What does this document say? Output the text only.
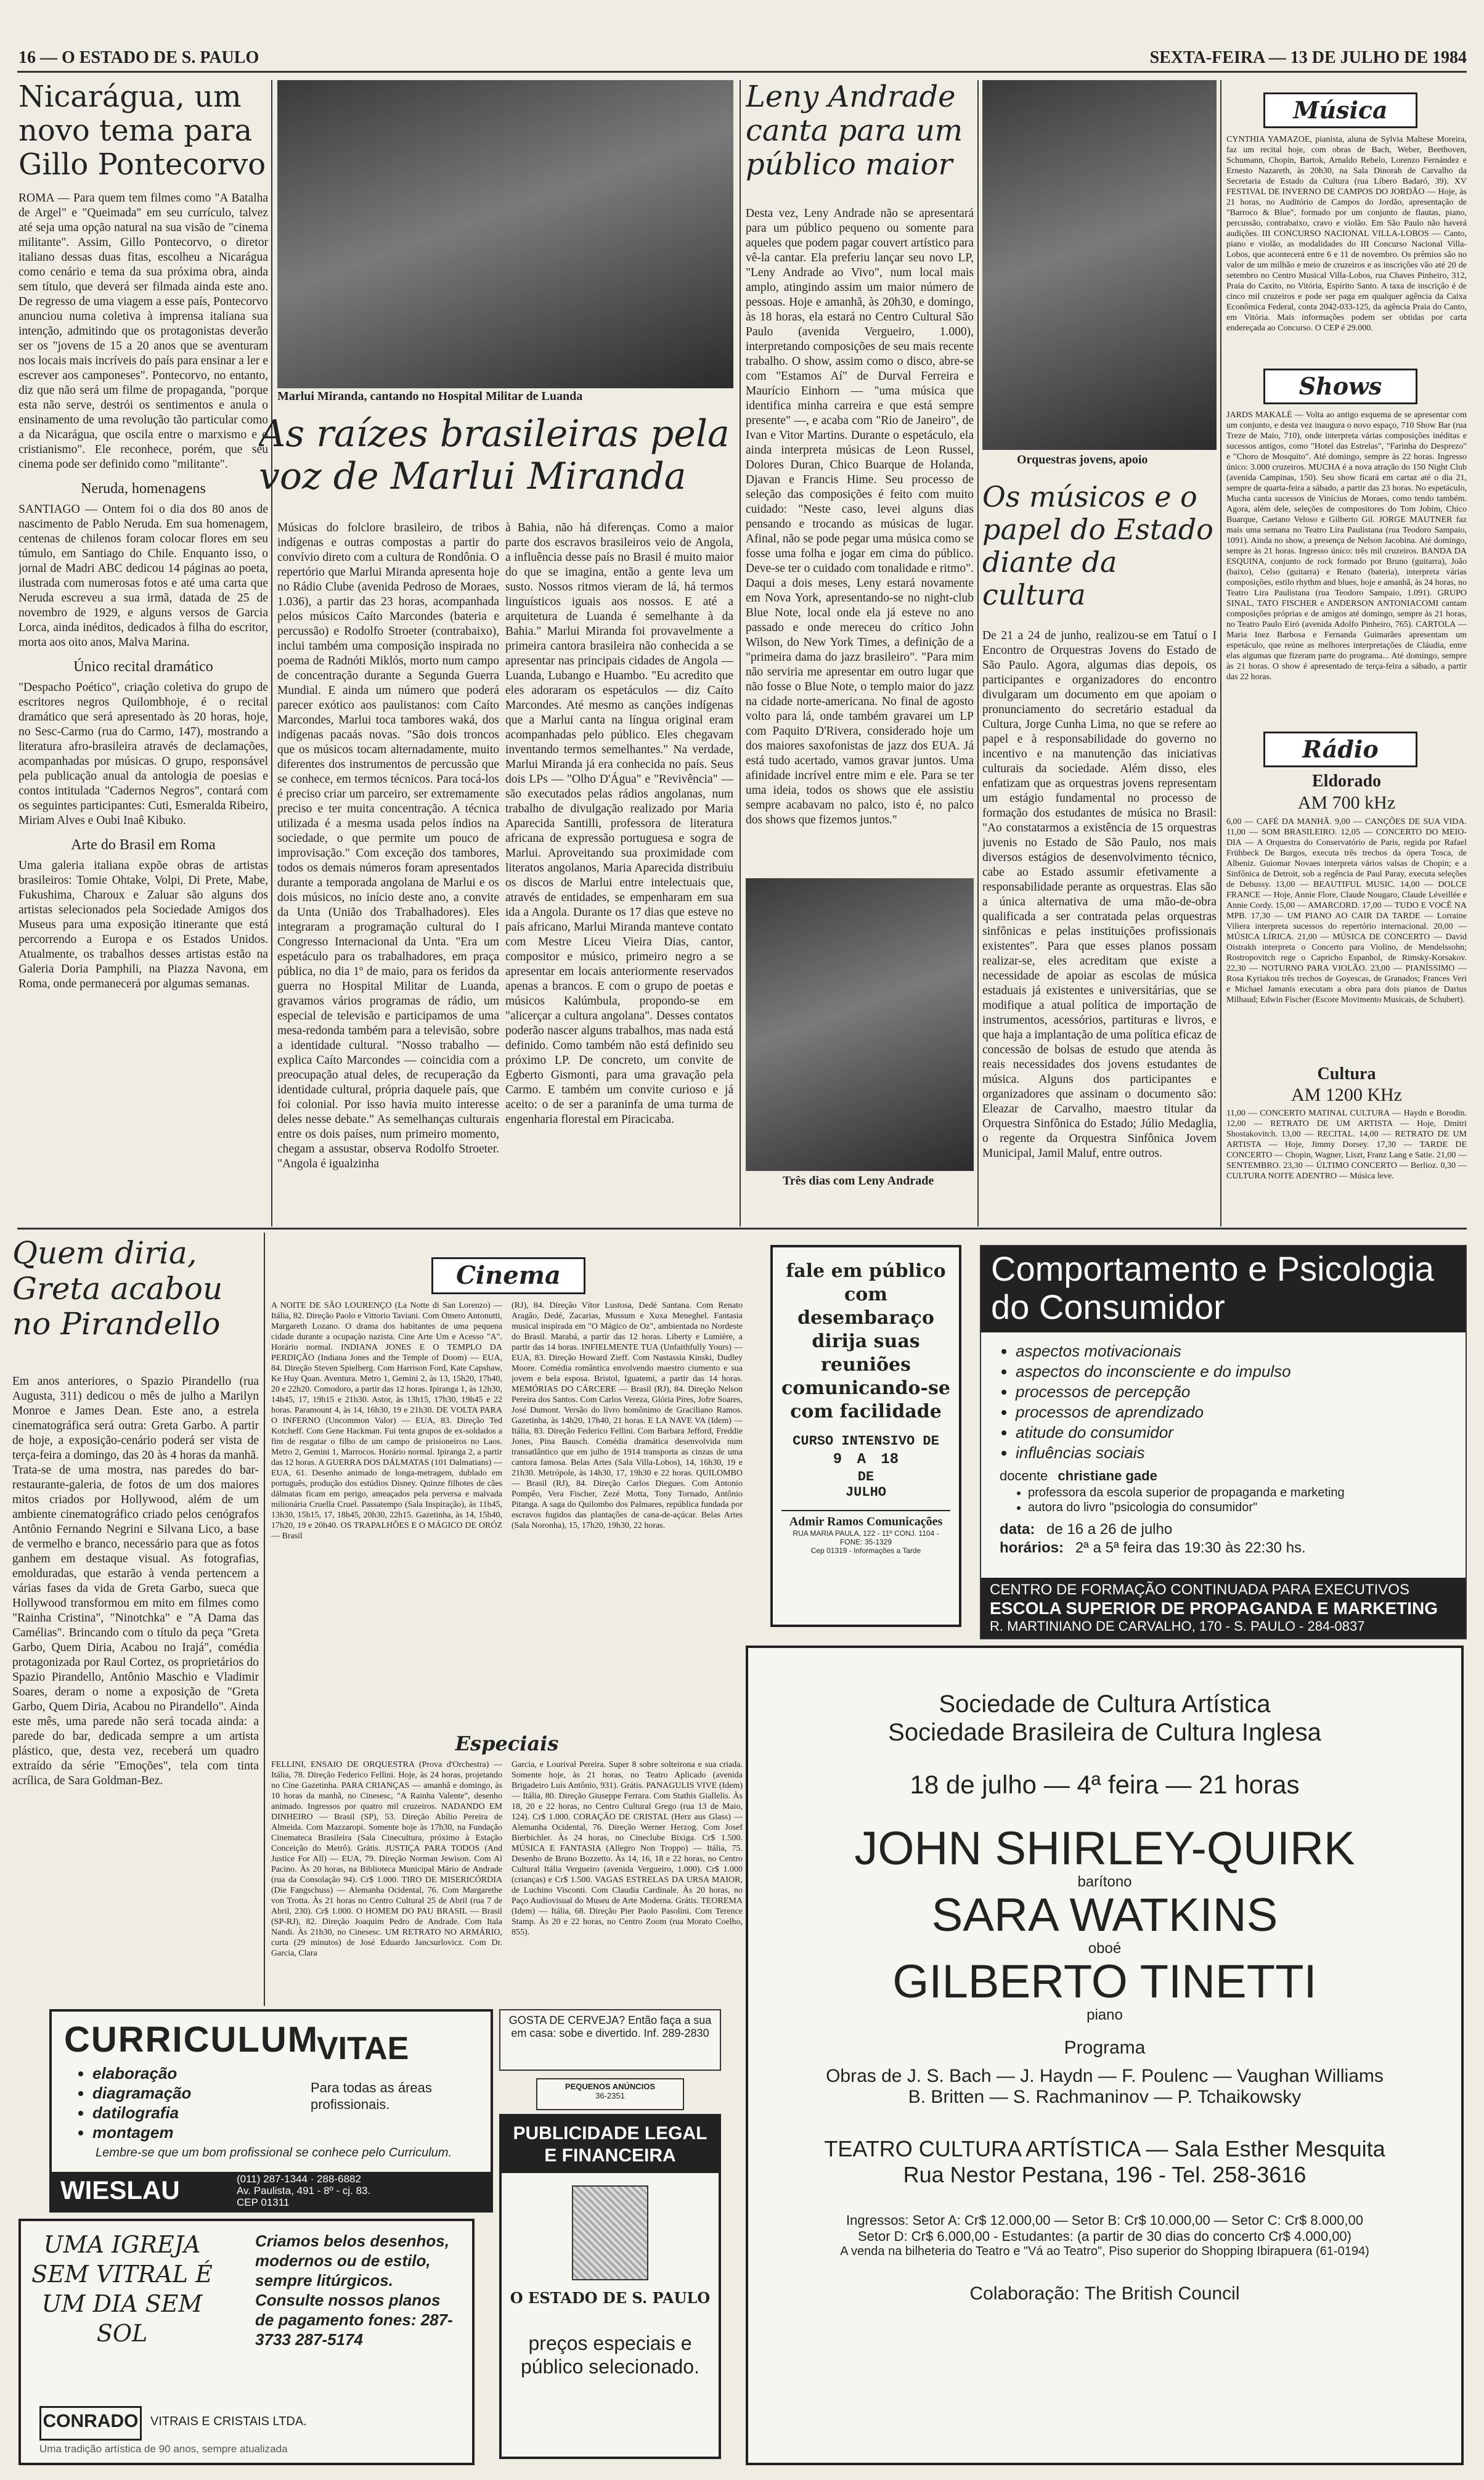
16 — O ESTADO DE S. PAULO	SEXTA-FEIRA — 13 DE JULHO DE 1984
Nicarágua, um novo tema para Gillo Pontecorvo
ROMA — Para quem tem filmes como "A Batalha de Argel" e "Queimada" em seu currículo, talvez até seja uma opção natural na sua visão de "cinema militante". Assim, Gillo Pontecorvo, o diretor italiano dessas duas fitas, escolheu a Nicarágua como cenário e tema da sua próxima obra, ainda sem título, que deverá ser filmada ainda este ano. De regresso de uma viagem a esse país, Pontecorvo anunciou numa coletiva à imprensa italiana sua intenção, admitindo que os protagonistas deverão ser os "jovens de 15 a 20 anos que se aventuram nos locais mais incríveis do país para ensinar a ler e escrever aos camponeses". Pontecorvo, no entanto, diz que não será um filme de propaganda, "porque esta não serve, destrói os sentimentos e anula o ensinamento de uma revolução tão particular como a da Nicarágua, que oscila entre o marxismo e o cristianismo". Ele reconhece, porém, que seu cinema pode ser definido como "militante".
Neruda, homenagens
SANTIAGO — Ontem foi o dia dos 80 anos de nascimento de Pablo Neruda. Em sua homenagem, centenas de chilenos foram colocar flores em seu túmulo, em Santiago do Chile. Enquanto isso, o jornal de Madri ABC dedicou 14 páginas ao poeta, ilustrada com numerosas fotos e até uma carta que Neruda escreveu a sua irmã, datada de 25 de novembro de 1929, e alguns versos de Garcia Lorca, ainda inéditos, dedicados à filha do escritor, morta aos oito anos, Malva Marina.
Único recital dramático
"Despacho Poético", criação coletiva do grupo de escritores negros Quilombhoje, é o recital dramático que será apresentado às 20 horas, hoje, no Sesc-Carmo (rua do Carmo, 147), mostrando a literatura afro-brasileira através de declamações, acompanhadas por músicas. O grupo, responsável pela publicação anual da antologia de poesias e contos intitulada "Cadernos Negros", contará com os seguintes participantes: Cuti, Esmeralda Ribeiro, Miriam Alves e Oubi Inaê Kibuko.
Arte do Brasil em Roma
Uma galeria italiana expõe obras de artistas brasileiros: Tomie Ohtake, Volpi, Di Prete, Mabe, Fukushima, Charoux e Zaluar são alguns dos artistas selecionados pela Sociedade Amigos dos Museus para uma exposição itinerante que está percorrendo a Europa e os Estados Unidos. Atualmente, os trabalhos desses artistas estão na Galeria Doria Pamphili, na Piazza Navona, em Roma, onde permanecerá por algumas semanas.
Marlui Miranda, cantando no Hospital Militar de Luanda
As raízes brasileiras pela voz de Marlui Miranda
Músicas do folclore brasileiro, de tribos indígenas e outras compostas a partir do convívio direto com a cultura de Rondônia. O repertório que Marlui Miranda apresenta hoje no Rádio Clube (avenida Pedroso de Moraes, 1.036), a partir das 23 horas, acompanhada pelos músicos Caíto Marcondes (bateria e percussão) e Rodolfo Stroeter (contrabaixo), inclui também uma composição inspirada no poema de Radnóti Miklós, morto num campo de concentração durante a Segunda Guerra Mundial. E ainda um número que poderá parecer exótico aos paulistanos: com Caíto Marcondes, Marlui toca tambores waká, dos indígenas pacaás novas. "São dois troncos que os músicos tocam alternadamente, muito diferentes dos instrumentos de percussão que se conhece, em termos técnicos. Para tocá-los é preciso criar um parceiro, ser extremamente preciso e ter muita concentração. A técnica utilizada é a mesma usada pelos índios na sociedade, o que permite um pouco de improvisação." Com exceção dos tambores, todos os demais números foram apresentados durante a temporada angolana de Marlui e os dois músicos, no início deste ano, a convite da Unta (União dos Trabalhadores). Eles integraram a programação cultural do I Congresso Internacional da Unta. "Era um espetáculo para os trabalhadores, em praça pública, no dia 1º de maio, para os feridos da guerra no Hospital Militar de Luanda, gravamos vários programas de rádio, um especial de televisão e participamos de uma mesa-redonda também para a televisão, sobre a identidade cultural. "Nosso trabalho — explica Caíto Marcondes — coincidia com a preocupação atual deles, de recuperação da identidade cultural, própria daquele país, que foi colonial. Por isso havia muito interesse deles nesse debate." As semelhanças culturais entre os dois países, num primeiro momento, chegam a assustar, observa Rodolfo Stroeter. "Angola é igualzinha
à Bahia, não há diferenças. Como a maior parte dos escravos brasileiros veio de Angola, a influência desse país no Brasil é muito maior do que se imagina, então a gente leva um susto. Nossos ritmos vieram de lá, há termos linguísticos iguais aos nossos. E até a arquitetura de Luanda é semelhante à da Bahia." Marlui Miranda foi provavelmente a primeira cantora brasileira não conhecida a se apresentar nas principais cidades de Angola — Luanda, Lubango e Huambo. "Eu acredito que eles adoraram os espetáculos — diz Caíto Marcondes. Até mesmo as canções indígenas que a Marlui canta na língua original eram acompanhadas pelo público. Eles chegavam inventando termos semelhantes." Na verdade, Marlui Miranda já era conhecida no país. Seus dois LPs — "Olho D'Água" e "Revivência" — são executados pelas rádios angolanas, num trabalho de divulgação realizado por Maria Aparecida Santilli, professora de literatura africana de expressão portuguesa e sogra de Marlui. Aproveitando sua proximidade com literatos angolanos, Maria Aparecida distribuiu os discos de Marlui entre intelectuais que, através de entidades, se empenharam em sua ida a Angola. Durante os 17 dias que esteve no país africano, Marlui Miranda manteve contato com Mestre Liceu Vieira Dias, cantor, compositor e músico, primeiro negro a se apresentar em locais anteriormente reservados apenas a brancos. E com o grupo de poetas e músicos Kalúmbula, propondo-se em "alicerçar a cultura angolana". Desses contatos poderão nascer alguns trabalhos, mas nada está definido. Como também não está definido seu próximo LP. De concreto, um convite de Egberto Gismonti, para uma gravação pela Carmo. E também um convite curioso e já aceito: o de ser a paraninfa de uma turma de engenharia florestal em Piracicaba.
Leny Andrade canta para um público maior
Desta vez, Leny Andrade não se apresentará para um público pequeno ou somente para aqueles que podem pagar couvert artístico para vê-la cantar. Ela preferiu lançar seu novo LP, "Leny Andrade ao Vivo", num local mais amplo, atingindo assim um maior número de pessoas. Hoje e amanhã, às 20h30, e domingo, às 18 horas, ela estará no Centro Cultural São Paulo (avenida Vergueiro, 1.000), interpretando composições de seu mais recente trabalho. O show, assim como o disco, abre-se com "Estamos Aí" de Durval Ferreira e Maurício Einhorn — "uma música que identifica minha carreira e que está sempre presente" —, e acaba com "Rio de Janeiro", de Ivan e Vitor Martins. Durante o espetáculo, ela ainda interpreta músicas de Leon Russel, Dolores Duran, Chico Buarque de Holanda, Djavan e Francis Hime. Seu processo de seleção das composições é feito com muito cuidado: "Neste caso, levei alguns dias pensando e trocando as músicas de lugar. Afinal, não se pode pegar uma música como se fosse uma folha e jogar em cima do público. Deve-se ter o cuidado com tonalidade e ritmo". Daqui a dois meses, Leny estará novamente em Nova York, apresentando-se no night-club Blue Note, local onde ela já esteve no ano passado e onde mereceu do crítico John Wilson, do New York Times, a definição de a "primeira dama do jazz brasileiro". "Para mim não serviria me apresentar em outro lugar que não fosse o Blue Note, o templo maior do jazz na cidade norte-americana. No final de agosto volto para lá, onde também gravarei um LP com Paquito D'Rivera, considerado hoje um dos maiores saxofonistas de jazz dos EUA. Já está tudo acertado, vamos gravar juntos. Uma afinidade incrível entre mim e ele. Para se ter uma ideia, todos os shows que ele assistiu sempre acabavam no palco, isto é, no palco dos shows que fizemos juntos."
Três dias com Leny Andrade
Orquestras jovens, apoio
Os músicos e o papel do Estado diante da cultura
De 21 a 24 de junho, realizou-se em Tatuí o I Encontro de Orquestras Jovens do Estado de São Paulo. Agora, algumas dias depois, os participantes e organizadores do encontro divulgaram um documento em que apoiam o pronunciamento do secretário estadual da Cultura, Jorge Cunha Lima, no que se refere ao papel e à responsabilidade do governo no incentivo e na manutenção das iniciativas culturais da sociedade. Além disso, eles enfatizam que as orquestras jovens representam um estágio fundamental no processo de formação dos estudantes de música no Brasil: "Ao constatarmos a existência de 15 orquestras juvenis no Estado de São Paulo, nos mais diversos estágios de desenvolvimento técnico, cabe ao Estado assumir efetivamente a responsabilidade perante as orquestras. Elas são a única alternativa de uma mão-de-obra qualificada a ser contratada pelas orquestras sinfônicas e pelas instituições profissionais existentes". Para que esses planos possam realizar-se, eles acreditam que existe a necessidade de apoiar as escolas de música estaduais já existentes e universitárias, que se modifique a atual política de importação de instrumentos, acessórios, partituras e livros, e que haja a implantação de uma política eficaz de concessão de bolsas de estudo que atenda às reais necessidades dos jovens estudantes de música. Alguns dos participantes e organizadores que assinam o documento são: Eleazar de Carvalho, maestro titular da Orquestra Sinfônica do Estado; Júlio Medaglia, o regente da Orquestra Sinfônica Jovem Municipal, Jamil Maluf, entre outros.
Música
CYNTHIA YAMAZOE, pianista, aluna de Sylvia Maltese Moreira, faz um recital hoje, com obras de Bach, Weber, Beethoven, Schumann, Chopin, Bartok, Arnaldo Rebelo, Lorenzo Fernández e Ernesto Nazareth, às 20h30, na Sala Dinorah de Carvalho da Secretaria de Estado da Cultura (rua Líbero Badaró, 39). XV FESTIVAL DE INVERNO DE CAMPOS DO JORDÃO — Hoje, às 21 horas, no Auditório de Campos do Jordão, apresentação de "Barroco & Blue", formado por um conjunto de flautas, piano, percussão, contrabaixo, cravo e violão. Em São Paulo não haverá audições. III CONCURSO NACIONAL VILLA-LOBOS — Canto, piano e violão, as modalidades do III Concurso Nacional Villa-Lobos, que acontecerá entre 6 e 11 de novembro. Os prêmios são no valor de um milhão e meio de cruzeiros e as inscrições vão até 20 de setembro no Centro Musical Villa-Lobos, rua Chaves Pinheiro, 312, Praia do Caxito, no Vitória, Espírito Santo. A taxa de inscrição é de cinco mil cruzeiros e pode ser paga em qualquer agência da Caixa Econômica Federal, conta 2042-033-125, da agência Praia do Canto, em Vitória. Mais informações podem ser obtidas por carta endereçada ao Concurso. O CEP é 29.000.
Shows
JARDS MAKALÉ — Volta ao antigo esquema de se apresentar com um conjunto, e desta vez inaugura o novo espaço, 710 Show Bar (rua Treze de Maio, 710), onde interpreta várias composições inéditas e sucessos antigos, como "Hotel das Estrelas", "Farinha do Desprezo" e "Choro de Mosquito". Até domingo, sempre às 22 horas. Ingresso único: 3.000 cruzeiros. MUCHA é a nova atração do 150 Night Club (avenida Campinas, 150). Seu show ficará em cartaz até o dia 21, sempre de quarta-feira a sábado, a partir das 23 horas. No espetáculo, Mucha canta sucessos de Vinícius de Moraes, como tendo também. Agora, além dele, seleções de compositores do Tom Jobim, Chico Buarque, Caetano Veloso e Gilberto Gil. JORGE MAUTNER faz mais uma semana no Teatro Lira Paulistana (rua Teodoro Sampaio, 1091). Ainda no show, a presença de Nelson Jacobina. Até domingo, sempre às 21 horas. Ingresso único: três mil cruzeiros. BANDA DA ESQUINA, conjunto de rock formado por Bruno (guitarra), João (baixo), Celso (guitarra) e Renato (bateria), interpreta várias composições, estilo rhythm and blues, hoje e amanhã, às 24 horas, no Teatro Lira Paulistana (rua Teodoro Sampaio, 1.091). GRUPO SINAL, TATO FISCHER e ANDERSON ANTONIACOMI cantam composições próprias e de amigos até domingo, sempre às 21 horas, no Teatro Paulo Eiró (avenida Adolfo Pinheiro, 765). CARTOLA — Maria Inez Barbosa e Fernanda Guimarães apresentam um espetáculo, que reúne as melhores interpretações de Cláudia, entre elas algumas que fizeram parte do programa... Até domingo, sempre às 21 horas. O show é apresentado de terça-feira a sábado, a partir das 22 horas.
Rádio
Eldorado
AM 700 kHz
6,00 — CAFÉ DA MANHÃ. 9,00 — CANÇÕES DE SUA VIDA. 11,00 — SOM BRASILEIRO. 12,05 — CONCERTO DO MEIO-DIA — A Orquestra do Conservatório de Paris, regida por Rafael Frühbeck De Burgos, executa três trechos da ópera Tosca, de Albeniz. Guiomar Novaes interpreta vários valsas de Chopin; e a Sinfônica de Detroit, sob a regência de Paul Paray, executa seleções de Debussy. 13,00 — BEAUTIFUL MUSIC. 14,00 — DOLCE FRANCE — Hoje, Annie Flore, Claude Nougaro, Claude Léveillée e Annie Cordy. 15,00 — AMARCORD. 17,00 — TUDO E VOCÊ NA MPB. 17,30 — UM PIANO AO CAIR DA TARDE — Lorraine Viliera interpreta sucessos do repertório internacional. 20,00 — MÚSICA LÍRICA. 21,00 — MÚSICA DE CONCERTO — David Oistrakh interpreta o Concerto para Violino, de Mendelssohn; Rostropovitch rege o Capricho Espanhol, de Rimsky-Korsakov. 22,30 — NOTURNO PARA VIOLÃO. 23,00 — PIANÍSSIMO — Rosa Kyriakou três trechos de Goyescas, de Granados; Frances Veri e Michael Jamanis executam a obra para dois pianos de Darius Milhaud; Edwin Fischer (Escore Movimento Musicais, de Schubert).
Cultura
AM 1200 KHz
11,00 — CONCERTO MATINAL CULTURA — Haydn e Borodin. 12,00 — RETRATO DE UM ARTISTA — Hoje, Dmitri Shostakovitch. 13,00 — RECITAL. 14,00 — RETRATO DE UM ARTISTA — Hoje, Jimmy Dorsey. 17,30 — TARDE DE CONCERTO — Chopin, Wagner, Liszt, Franz Lang e Satie. 21,00 — SENTEMBRO. 23,30 — ÚLTIMO CONCERTO — Berlioz. 0,30 — CULTURA NOITE ADENTRO — Música leve.
Quem diria, Greta acabou no Pirandello
Em anos anteriores, o Spazio Pirandello (rua Augusta, 311) dedicou o mês de julho a Marilyn Monroe e James Dean. Este ano, a estrela cinematográfica será outra: Greta Garbo. A partir de hoje, a exposição-cenário poderá ser vista de terça-feira a domingo, das 20 às 4 horas da manhã. Trata-se de uma mostra, nas paredes do bar-restaurante-galeria, de fotos de um dos maiores mitos criados por Hollywood, além de um ambiente cinematográfico criado pelos cenógrafos Antônio Fernando Negrini e Silvana Lico, a base de vermelho e branco, necessário para que as fotos ganhem em destaque visual. As fotografias, emolduradas, que estarão à venda pertencem a várias fases da vida de Greta Garbo, sueca que Hollywood transformou em mito em filmes como "Rainha Cristina", "Ninotchka" e "A Dama das Camélias". Brincando com o título da peça "Greta Garbo, Quem Diria, Acabou no Irajá", comédia protagonizada por Raul Cortez, os proprietários do Spazio Pirandello, Antônio Maschio e Vladimir Soares, deram o nome a exposição de "Greta Garbo, Quem Diria, Acabou no Pirandello". Ainda este mês, uma parede não será tocada ainda: a parede do bar, dedicada sempre a um artista plástico, que, desta vez, receberá um quadro extraído da série "Emoções", tela com tinta acrílica, de Sara Goldman-Bez.
Cinema
A NOITE DE SÃO LOURENÇO (La Notte di San Lorenzo) — Itália, 82. Direção Paolo e Vittorio Taviani. Com Omero Antonutti, Margareth Lozano. O drama dos habitantes de uma pequena cidade durante a ocupação nazista. Cine Arte Um e Acesso "A". Horário normal. INDIANA JONES E O TEMPLO DA PERDIÇÃO (Indiana Jones and the Temple of Doom) — EUA, 84. Direção Steven Spielberg. Com Harrison Ford, Kate Capshaw, Ke Huy Quan. Aventura. Metro 1, Gemini 2, às 13, 15h20, 17h40, 20 e 22h20. Comodoro, a partir das 12 horas. Ipiranga 1, às 12h30, 14h45, 17, 19h15 e 21h30. Astor, às 13h15, 17h30, 19h45 e 22 horas. Paramount 4, às 14, 16h30, 19 e 21h30. DE VOLTA PARA O INFERNO (Uncommon Valor) — EUA, 83. Direção Ted Kotcheff. Com Gene Hackman. Fui tenta grupos de ex-soldados a fim de resgatar o filho de um campo de prisioneiros no Laos. Metro 2, Gemini 1, Marrocos. Horário normal. Ipiranga 2, a partir das 12 horas. A GUERRA DOS DÁLMATAS (101 Dalmatians) — EUA, 61. Desenho animado de longa-metragem, dublado em português, produção dos estúdios Disney. Quinze filhotes de cães dálmatas ficam em perigo, ameaçados pela perversa e malvada milionária Cruella Cruel. Passatempo (Sala Inspiração), às 11h45, 13h30, 15h15, 17, 18h45, 20h30, 22h15. Gazetinha, às 14, 15h40, 17h20, 19 e 20h40. OS TRAPALHÕES E O MÁGICO DE ORÓZ — Brasil
(RJ), 84. Direção Vítor Lustosa, Dedé Santana. Com Renato Aragão, Dedé, Zacarias, Mussum e Xuxa Meneghel. Fantasia musical inspirada em "O Mágico de Oz", ambientada no Nordeste do Brasil. Marabá, a partir das 12 horas. Liberty e Lumière, a partir das 14 horas. INFIELMENTE TUA (Unfaithfully Yours) — EUA, 83. Direção Howard Zieff. Com Nastassia Kinski, Dudley Moore. Comédia romântica envolvendo maestro ciumento e sua jovem e bela esposa. Bristol, Iguatemi, a partir das 14 horas. MEMÓRIAS DO CÁRCERE — Brasil (RJ), 84. Direção Nelson Pereira dos Santos. Com Carlos Vereza, Glória Pires, Jofre Soares, José Dumont. Versão do livro homônimo de Graciliano Ramos. Gazetinha, às 14h20, 17h40, 21 horas. E LA NAVE VA (Idem) — Itália, 83. Direção Federico Fellini. Com Barbara Jefford, Freddie Jones, Pina Bausch. Comédia dramática desenvolvida num transatlântico que em julho de 1914 transporta as cinzas de uma cantora famosa. Belas Artes (Sala Villa-Lobos), 14, 16h30, 19 e 21h30. Metrópole, às 14h30, 17, 19h30 e 22 horas. QUILOMBO — Brasil (RJ), 84. Direção Carlos Diegues. Com Antonio Pompêo, Vera Fischer, Zezé Motta, Tony Tornado, Antônio Pitanga. A saga do Quilombo dos Palmares, república fundada por escravos fugidos das plantações de cana-de-açúcar. Belas Artes (Sala Noronha), 15, 17h20, 19h30, 22 horas.
Especiais
FELLINI, ENSAIO DE ORQUESTRA (Prova d'Orchestra) — Itália, 78. Direção Federico Fellini. Hoje, às 24 horas, projetando no Cine Gazetinha. PARA CRIANÇAS — amanhã e domingo, às 10 horas da manhã, no Cinesesc, "A Rainha Valente", desenho animado. Ingressos por quatro mil cruzeiros. NADANDO EM DINHEIRO — Brasil (SP), 53. Direção Abílio Pereira de Almeida. Com Mazzaropi. Somente hoje às 17h30, na Fundação Cinemateca Brasileira (Sala Cinecultura, próximo à Estação Conceição do Metrô). Grátis. JUSTIÇA PARA TODOS (And Justice For All) — EUA, 79. Direção Norman Jewison. Com Al Pacino. Às 20 horas, na Biblioteca Municipal Mário de Andrade (rua da Consolação 94). Cr$ 1.000. TIRO DE MISERICÓRDIA (Die Fangschuss) — Alemanha Ocidental, 76. Com Margarethe von Trotta. Às 21 horas no Centro Cultural 25 de Abril (rua 7 de Abril, 230). Cr$ 1.000. O HOMEM DO PAU BRASIL — Brasil (SP-RJ), 82. Direção Joaquim Pedro de Andrade. Com Itala Nandi. Às 21h30, no Cinesesc. UM RETRATO NO ARMÁRIO, curta (29 minutos) de José Eduardo Jancsurlovicz. Com Dr. Garcia, Clara
Garcia, e Lourival Pereira. Super 8 sobre solteirona e sua criada. Somente hoje, às 21 horas, no Teatro Aplicado (avenida Brigadeiro Luís Antônio, 931). Grátis. PANAGULIS VIVE (Idem) — Itália, 80. Direção Giuseppe Ferrara. Com Stathis Giallelis. Às 18, 20 e 22 horas, no Centro Cultural Grego (rua 13 de Maio, 124). Cr$ 1.000. CORAÇÃO DE CRISTAL (Herz aus Glass) — Alemanha Ocidental, 76. Direção Werner Herzog. Com Josef Bierbichler. Às 24 horas, no Cineclube Bixiga. Cr$ 1.500. MÚSICA E FANTASIA (Allegro Non Troppo) — Itália, 75. Desenho de Bruno Bozzetto. Às 14, 16, 18 e 22 horas, no Centro Cultural Itália Vergueiro (avenida Vergueiro, 1.000). Cr$ 1.000 (crianças) e Cr$ 1.500. VAGAS ESTRELAS DA URSA MAIOR, de Luchino Visconti. Com Claudia Cardinale. Às 20 horas, no Paço Audiovisual do Museu de Arte Moderna. Grátis. TEOREMA (Idem) — Itália, 68. Direção Pier Paolo Pasolini. Com Terence Stamp. Às 20 e 22 horas, no Centro Zoom (rua Morato Coelho, 855).
fale em público com desembaraço dirija suas reuniões comunicando-se com facilidade
CURSO INTENSIVO DE
9 A 18
DE
JULHO
Admir Ramos Comunicações
RUA MARIA PAULA, 122 - 11º CONJ. 1104 - FONE: 35-1329
Cep 01319 - Informações a Tarde
Comportamento e Psicologia do Consumidor
• aspectos motivacionais
• aspectos do inconsciente e do impulso
• processos de percepção
• processos de aprendizado
• atitude do consumidor
• influências sociais
docente christiane gade
• professora da escola superior de propaganda e marketing
• autora do livro "psicologia do consumidor"
data: de 16 a 26 de julho
horários: 2ª a 5ª feira das 19:30 às 22:30 hs.
CENTRO DE FORMAÇÃO CONTINUADA PARA EXECUTIVOS
ESCOLA SUPERIOR DE PROPAGANDA E MARKETING
R. MARTINIANO DE CARVALHO, 170 - S. PAULO - 284-0837
CURRICULUM
VITAE
• elaboração
• diagramação
• datilografia
• montagem
Para todas as áreas profissionais.
Lembre-se que um bom profissional se conhece pelo Curriculum.
WIESLAU	(011) 287-1344 · 288-6882
Av. Paulista, 491 - 8º - cj. 83.
CEP 01311
GOSTA DE CERVEJA? Então faça a sua em casa: sobe e divertido. Inf. 289-2830
PEQUENOS ANÚNCIOS
36-2351
PUBLICIDADE LEGAL E FINANCEIRA
O ESTADO DE S. PAULO
preços especiais e público selecionado.
UMA IGREJA SEM VITRAL É UM DIA SEM SOL
Criamos belos desenhos, modernos ou de estilo, sempre litúrgicos. Consulte nossos planos de pagamento fones: 287-3733 287-5174
CONRADO VITRAIS E CRISTAIS LTDA.
Uma tradição artística de 90 anos, sempre atualizada
Sociedade de Cultura Artística
Sociedade Brasileira de Cultura Inglesa
18 de julho — 4ª feira — 21 horas
JOHN SHIRLEY-QUIRK
barítono
SARA WATKINS
oboé
GILBERTO TINETTI
piano
Programa
Obras de J. S. Bach — J. Haydn — F. Poulenc — Vaughan Williams
B. Britten — S. Rachmaninov — P. Tchaikowsky
TEATRO CULTURA ARTÍSTICA — Sala Esther Mesquita
Rua Nestor Pestana, 196 - Tel. 258-3616
Ingressos: Setor A: Cr$ 12.000,00 — Setor B: Cr$ 10.000,00 — Setor C: Cr$ 8.000,00
Setor D: Cr$ 6.000,00 - Estudantes: (a partir de 30 dias do concerto Cr$ 4.000,00)
A venda na bilheteria do Teatro e "Vá ao Teatro", Piso superior do Shopping Ibirapuera (61-0194)
Colaboração: The British Council
